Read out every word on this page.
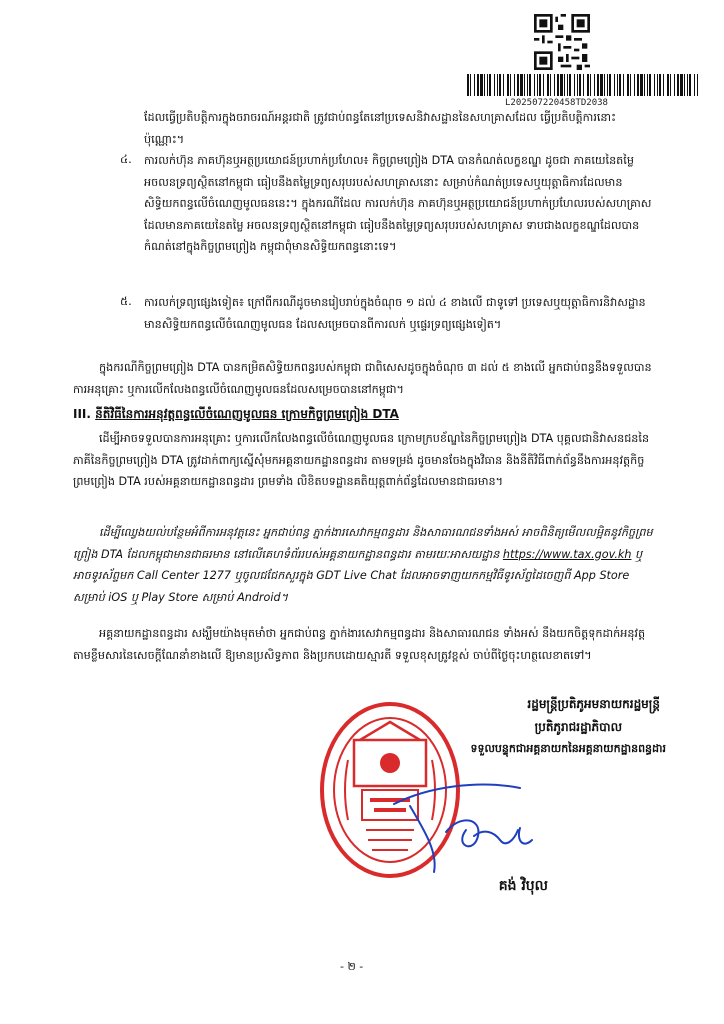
L202507220458TD2038
ដែលធ្វើប្រតិបត្តិការក្នុងចរាចរណ៍អន្តរជាតិ ត្រូវជាប់ពន្ធតែនៅប្រទេសនិវាសដ្ឋាននៃសហគ្រាសដែល ធ្វើប្រតិបត្តិការនោះ ប៉ុណ្ណោះ។
៤. ការលក់ហ៊ុន ភាគហ៊ុនឬអត្ថប្រយោជន៍ប្រហាក់ប្រហែល៖ កិច្ចព្រមព្រៀង DTA បានកំណត់លក្ខខណ្ឌ ដូចជា ភាគយេនៃតម្លៃអចលនទ្រព្យស្ថិតនៅកម្ពុជា ធៀបនឹងតម្លៃទ្រព្យសរុបរបស់សហគ្រាសនោះ សម្រាប់កំណត់ប្រទេសឬយុត្តាធិការដែលមានសិទ្ធិយកពន្ធលើចំណេញមូលធននេះ។ ក្នុងករណីដែល ការលក់ហ៊ុន ភាគហ៊ុនឬអត្ថប្រយោជន៍ប្រហាក់ប្រហែលរបស់សហគ្រាស ដែលមានភាគយេនៃតម្លៃ អចលនទ្រព្យស្ថិតនៅកម្ពុជា ធៀបនឹងតម្លៃទ្រព្យសរុបរបស់សហគ្រាស ទាបជាងលក្ខខណ្ឌដែលបាន កំណត់នៅក្នុងកិច្ចព្រមព្រៀង កម្ពុជាពុំមានសិទ្ធិយកពន្ធនោះទេ។
៥. ការលក់ទ្រព្យផ្សេងទៀត៖ ក្រៅពីករណីដូចមានរៀបរាប់ក្នុងចំណុច ១ ដល់ ៤ ខាងលើ ជាទូទៅ ប្រទេសឬយុត្តាធិការនិវាសដ្ឋាន មានសិទ្ធិយកពន្ធលើចំណេញមូលធន ដែលសម្រេចបានពីការលក់ ឬផ្ទេរទ្រព្យផ្សេងទៀត។
ក្នុងករណីកិច្ចព្រមព្រៀង DTA បានកម្រិតសិទ្ធិយកពន្ធរបស់កម្ពុជា ជាពិសេសដូចក្នុងចំណុច ៣ ដល់ ៥ ខាងលើ អ្នកជាប់ពន្ធនឹងទទួលបានការអនុគ្រោះ ឬការលើកលែងពន្ធលើចំណេញមូលធនដែលសម្រេចបាននៅកម្ពុជា។
III. នីតិវិធីនៃការអនុវត្តពន្ធលើចំណេញមូលធន ក្រោមកិច្ចព្រមព្រៀង DTA
ដើម្បីអាចទទួលបានការអនុគ្រោះ ឬការលើកលែងពន្ធលើចំណេញមូលធន ក្រោមក្របខ័ណ្ឌនៃកិច្ចព្រមព្រៀង DTA បុគ្គលជានិវាសនជននៃភាគីនៃកិច្ចព្រមព្រៀង DTA ត្រូវដាក់ពាក្យស្នើសុំមកអគ្គនាយកដ្ឋានពន្ធដារ តាមទម្រង់ ដូចមានចែងក្នុងវិធាន និងនីតិវិធីពាក់ព័ន្ធនឹងការអនុវត្តកិច្ចព្រមព្រៀង DTA របស់អគ្គនាយកដ្ឋានពន្ធដារ ព្រមទាំង លិខិតបទដ្ឋានគតិយុត្តពាក់ព័ន្ធដែលមានជាធរមាន។
ដើម្បីឈ្វេងយល់បន្ថែមអំពីការអនុវត្តនេះ អ្នកជាប់ពន្ធ ភ្នាក់ងារសេវាកម្មពន្ធដារ និងសាធារណជនទាំងអស់ អាចពិនិត្យមើលលម្អិតនូវកិច្ចព្រមព្រៀង DTA ដែលកម្ពុជាមានជាធរមាន នៅលើគេហទំព័ររបស់អគ្គនាយកដ្ឋានពន្ធដារ តាមរយៈអាសយដ្ឋាន https://www.tax.gov.kh ឬអាចទូរស័ព្ទមក Call Center 1277 ឬចូលជជែកសួរក្នុង GDT Live Chat ដែលអាចទាញយកកម្មវិធីទូរស័ព្ទដៃចេញពី App Store សម្រាប់ iOS ឬ Play Store សម្រាប់ Android។
អគ្គនាយកដ្ឋានពន្ធដារ សង្ឃឹមយ៉ាងមុតមាំថា អ្នកជាប់ពន្ធ ភ្នាក់ងារសេវាកម្មពន្ធដារ និងសាធារណជន ទាំងអស់ នឹងយកចិត្តទុកដាក់អនុវត្តតាមខ្លឹមសារនៃសេចក្តីណែនាំខាងលើ ឱ្យមានប្រសិទ្ធភាព និងប្រកបដោយស្មារតី ទទួលខុសត្រូវខ្ពស់ ចាប់ពីថ្ងៃចុះហត្ថលេខាតទៅ។
រដ្ឋមន្ត្រីប្រតិភូអមនាយករដ្ឋមន្ត្រី
ប្រតិភូរាជរដ្ឋាភិបាល
ទទួលបន្ទុកជាអគ្គនាយកនៃអគ្គនាយកដ្ឋានពន្ធដារ
គង់ វិបុល
- ២ -
